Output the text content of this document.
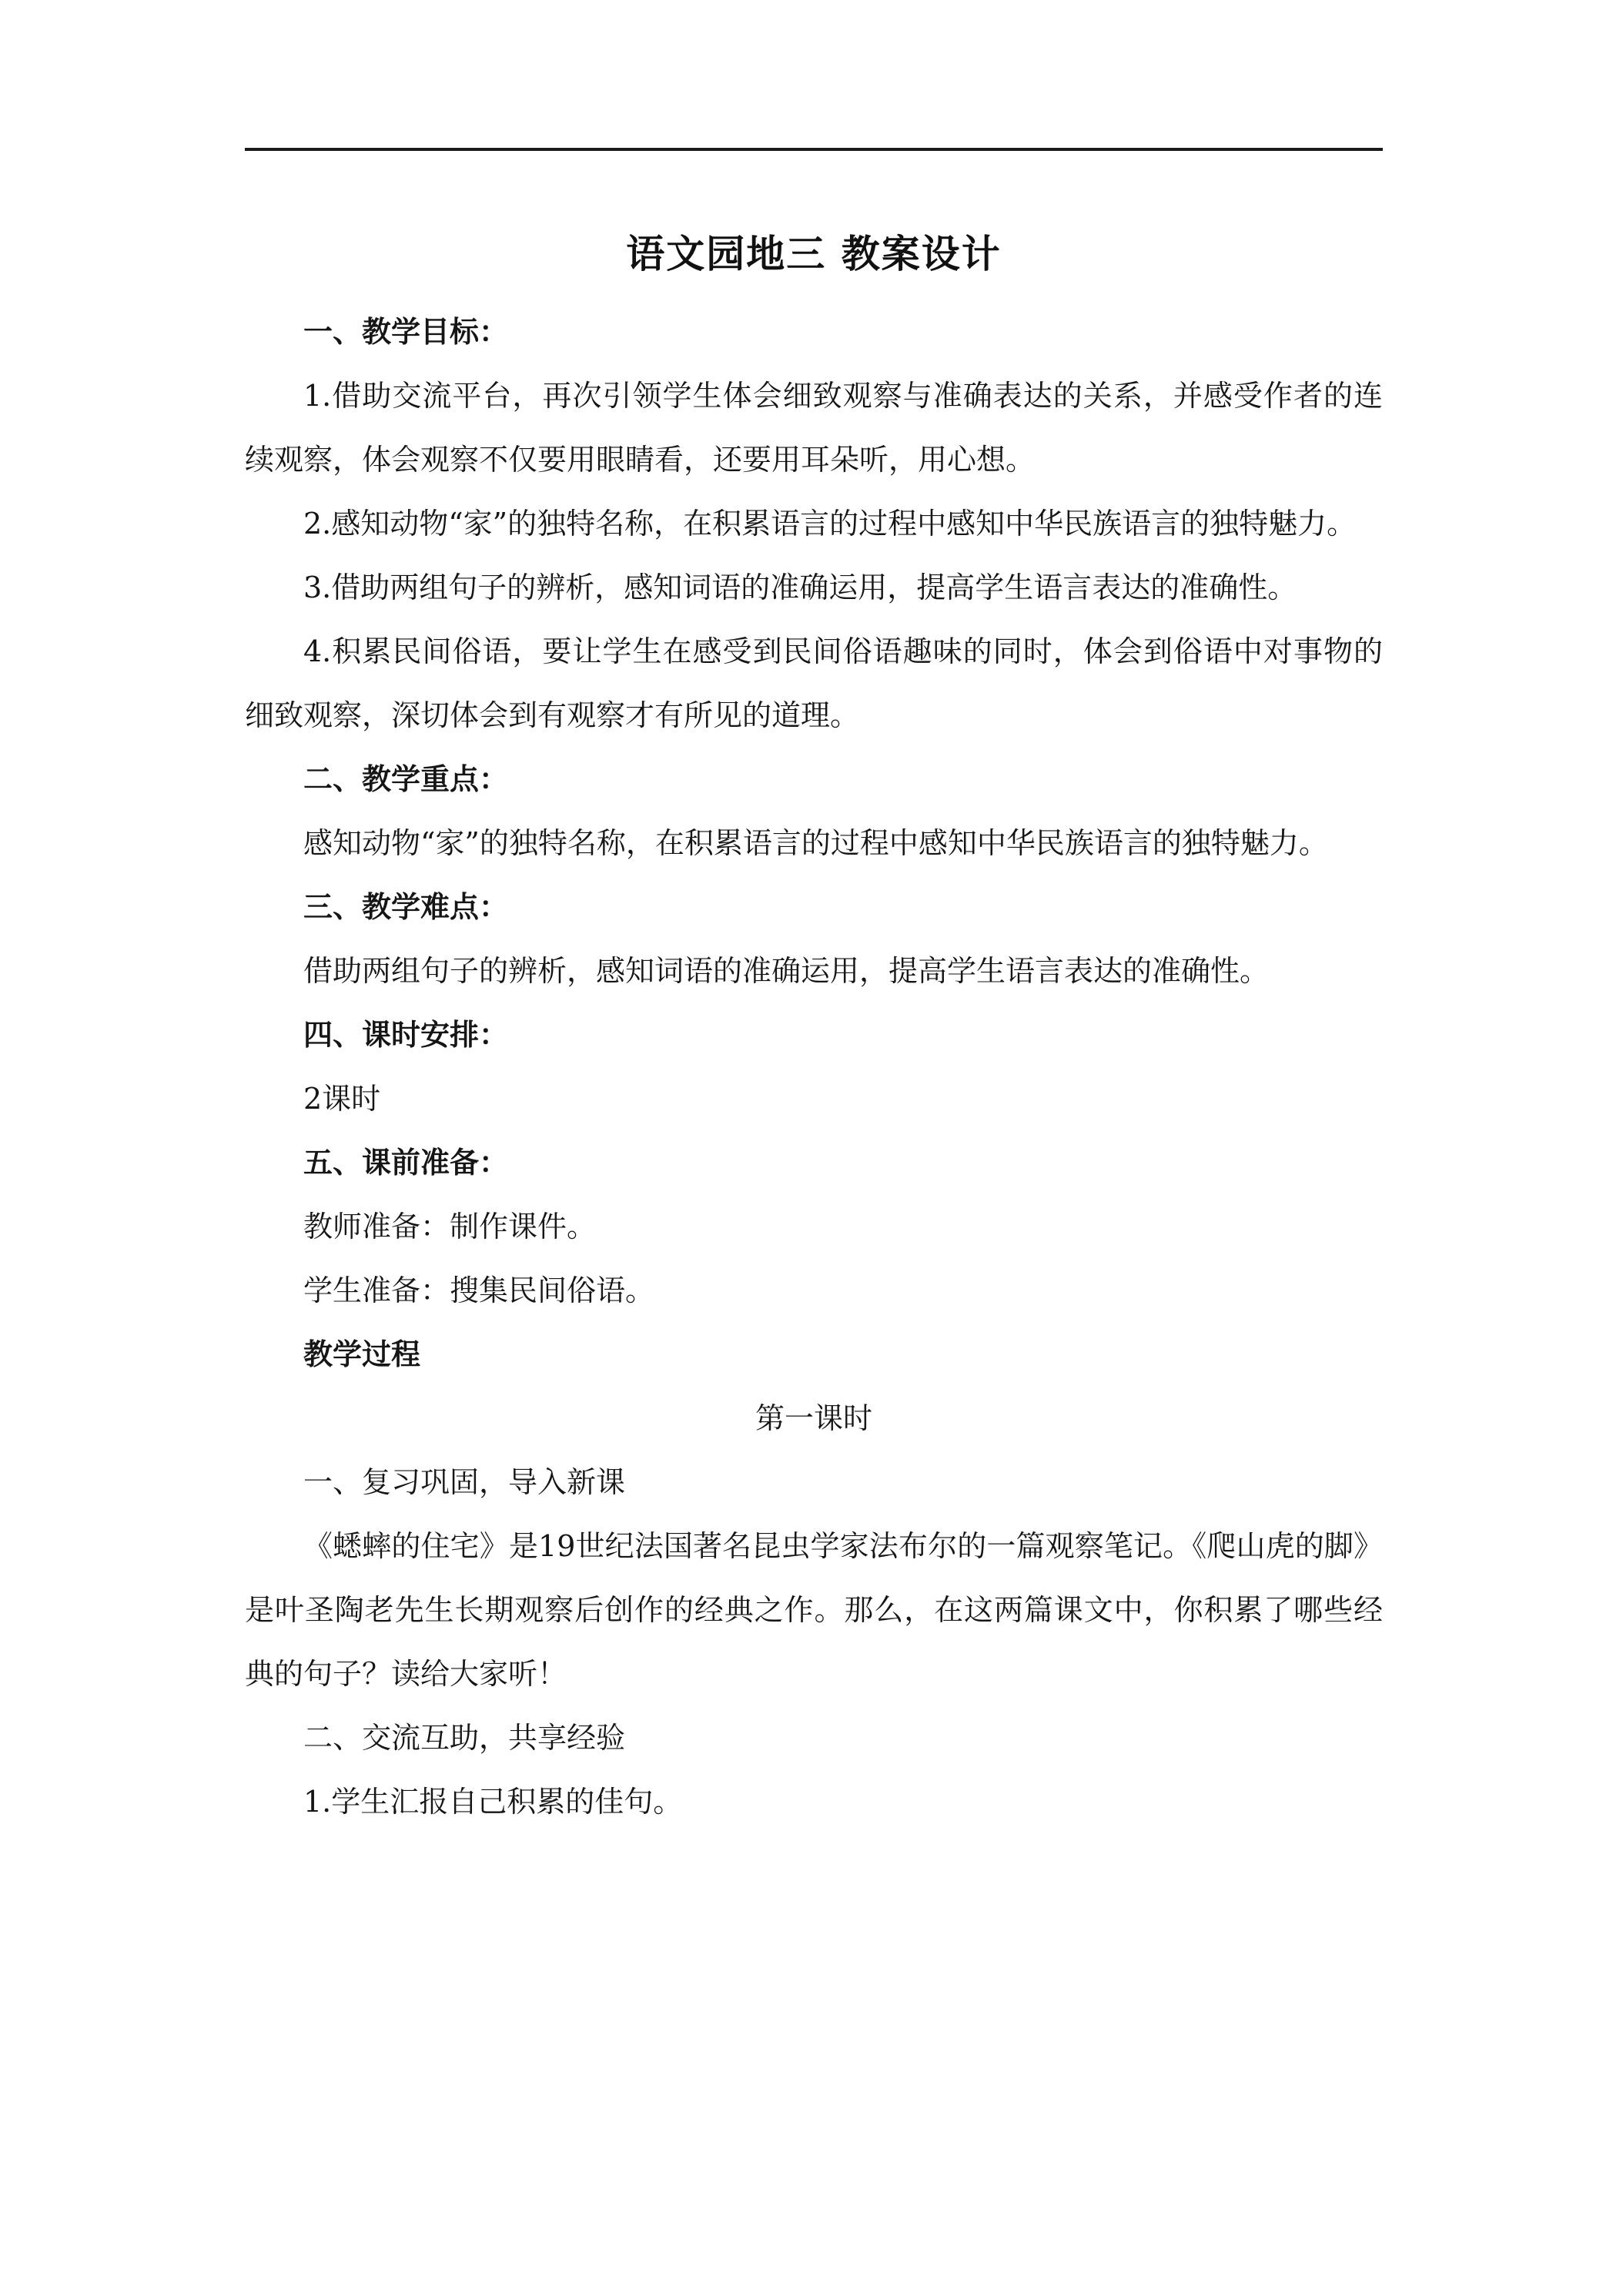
语文园地三 教案设计

一、教学目标：

1.借助交流平台，再次引领学生体会细致观察与准确表达的关系，并感受作者的连续观察，体会观察不仅要用眼睛看，还要用耳朵听，用心想。

2.感知动物“家”的独特名称，在积累语言的过程中感知中华民族语言的独特魅力。

3.借助两组句子的辨析，感知词语的准确运用，提高学生语言表达的准确性。

4.积累民间俗语，要让学生在感受到民间俗语趣味的同时，体会到俗语中对事物的细致观察，深切体会到有观察才有所见的道理。

二、教学重点：

感知动物“家”的独特名称，在积累语言的过程中感知中华民族语言的独特魅力。

三、教学难点：

借助两组句子的辨析，感知词语的准确运用，提高学生语言表达的准确性。

四、课时安排：

2课时

五、课前准备：

教师准备：制作课件。

学生准备：搜集民间俗语。

教学过程

第一课时

一、复习巩固，导入新课

《蟋蟀的住宅》是19世纪法国著名昆虫学家法布尔的一篇观察笔记。《爬山虎的脚》是叶圣陶老先生长期观察后创作的经典之作。那么，在这两篇课文中，你积累了哪些经典的句子？读给大家听！

二、交流互助，共享经验

1.学生汇报自己积累的佳句。
